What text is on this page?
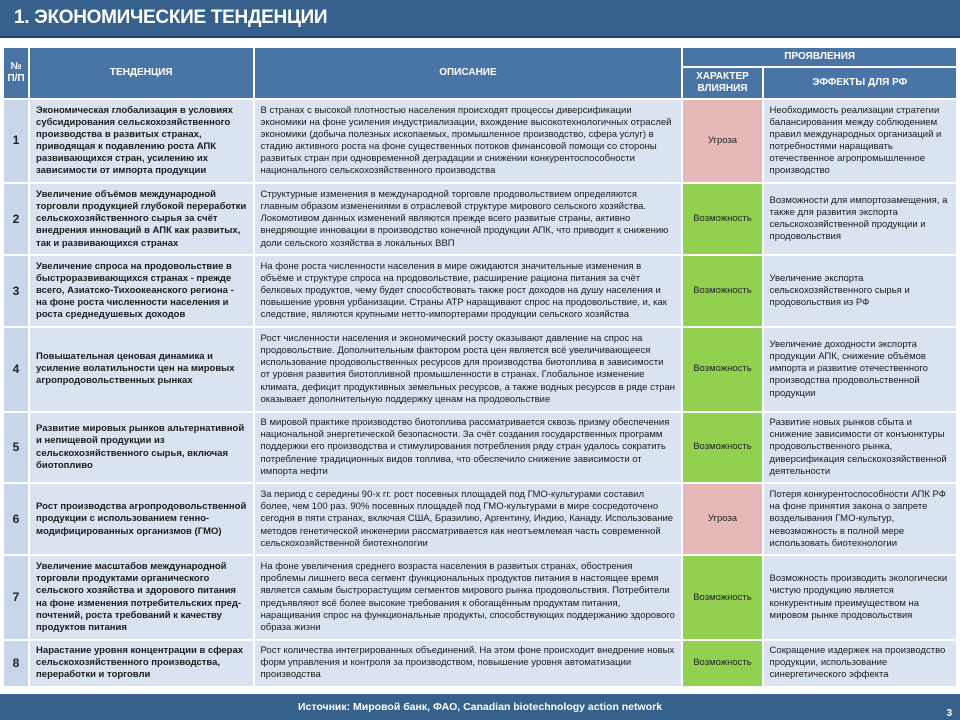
1. ЭКОНОМИЧЕСКИЕ ТЕНДЕНЦИИ
№ П/П	ТЕНДЕНЦИЯ	ОПИСАНИЕ	ПРОЯВЛЕНИЯ	
			ХАРАКТЕР ВЛИЯНИЯ	ЭФФЕКТЫ ДЛЯ РФ
1	Экономическая глобализация в условиях субсидирования сельскохозяйственного производства в развитых странах, приводящая к подавлению роста АПК развивающихся стран, усилению их зависимости от импорта продукции	В странах с высокой плотностью населения происходят процессы диверсификации экономики на фоне усиления индустриализации, вхождение высокотехнологичных отраслей экономики (добыча полезных ископаемых, промышленное производство, сфера услуг) в стадию активного роста на фоне существенных потоков финансовой помощи со стороны развитых стран при одновременной деградации и снижении конкурентоспособности национального сельскохозяйственного производства	Угроза	Необходимость реализации стратегии балансирования между соблюдением правил международных организаций и потребностями наращивать отечественное агропромышленное производство
2	Увеличение объёмов международной торговли продукцией глубокой переработки сельскохозяйственного сырья за счёт внедрения инноваций в АПК как развитых, так и развивающихся странах	Структурные изменения в международной торговле продовольствием определяются главным образом изменениями в отраслевой структуре мирового сельского хозяйства. Локомотивом данных изменений являются прежде всего развитые страны, активно внедряющие инновации в производство конечной продукции АПК, что приводит к снижению доли сельского хозяйства в локальных ВВП	Возможность	Возможности для импортозамещения, а также для развития экспорта сельскохозяйственной продукции и продовольствия
3	Увеличение спроса на продовольствие в быстроразвивающихся странах - прежде всего, Азиатско-Тихоокеанского региона - на фоне роста численности населения и роста среднедушевых доходов	На фоне роста численности населения в мире ожидаются значительные изменения в объёме и структуре спроса на продовольствие, расширение рациона питания за счёт белковых продуктов, чему будет способствовать также рост доходов на душу населения и повышение уровня урбанизации. Страны АТР наращивают спрос на продовольствие, и, как следствие, являются крупными нетто-импортерами продукции сельского хозяйства	Возможность	Увеличение экспорта сельскохозяйственного сырья и продовольствия из РФ
4	Повышательная ценовая динамика и усиление волатильности цен на мировых агропродовольственных рынках	Рост численности населения и экономический росту оказывают давление на спрос на продовольствие. Дополнительным фактором роста цен является всё увеличивающееся использование продовольственных ресурсов для производства биотоплива в зависимости от уровня развития биотопливной промышленности в странах. Глобальное изменение климата, дефицит продуктивных земельных ресурсов, а также водных ресурсов в ряде стран оказывает дополнительную поддержку ценам на продовольствие	Возможность	Увеличение доходности экспорта продукции АПК, снижение объёмов импорта и развитие отечественного производства продовольственной продукции
5	Развитие мировых рынков альтернативной и непищевой продукции из сельскохозяйственного сырья, включая биотопливо	В мировой практике производство биотоплива рассматривается сквозь призму обеспечения национальной энергетической безопасности. За счёт создания государственных программ поддержки его производства и стимулирования потребления ряду стран удалось сократить потребление традиционных видов топлива, что обеспечило снижение зависимости от импорта нефти	Возможность	Развитие новых рынков сбыта и снижение зависимости от конъюнктуры продовольственного рынка, диверсификация сельскохозяйственной деятельности
6	Рост производства агропродовольственной продукции с использованием генно-модифицированных организмов (ГМО)	За период с середины 90-х гг. рост посевных площадей под ГМО-культурами составил более, чем 100 раз. 90% посевных площадей под ГМО-культурами в мире сосредоточено сегодня в пяти странах, включая США, Бразилию, Аргентину, Индию, Канаду. Использование методов генетической инженерии рассматривается как неотъемлемая часть современной сельскохозяйственной биотехнологии	Угроза	Потеря конкурентоспособности АПК РФ на фоне принятия закона о запрете возделывания ГМО-культур, невозможность в полной мере использовать биотехнологии
7	Увеличение масштабов международной торговли продуктами органического сельского хозяйства и здорового питания на фоне изменения потребительских пред-почтений, роста требований к качеству продуктов питания	На фоне увеличения среднего возраста населения в развитых странах, обострения проблемы лишнего веса сегмент функциональных продуктов питания в настоящее время является самым быстрорастущим сегментов мирового рынка продовольствия. Потребители предъявляют всё более высокие требования к обогащённым продуктам питания, наращивания спрос на функциональные продукты, способствующих поддержанию здорового образа жизни	Возможность	Возможность производить экологически чистую продукцию является конкурентным преимуществом на мировом рынке продовольствия
8	Нарастание уровня концентрации в сферах сельскохозяйственного производства, переработки и торговли	Рост количества интегрированных объединений. На этом фоне происходит внедрение новых форм управления и контроля за производством, повышение уровня автоматизации производства	Возможность	Сокращение издержек на производство продукции, использование синергетического эффекта
Источник: Мировой банк, ФАО, Canadian biotechnology action network
3
